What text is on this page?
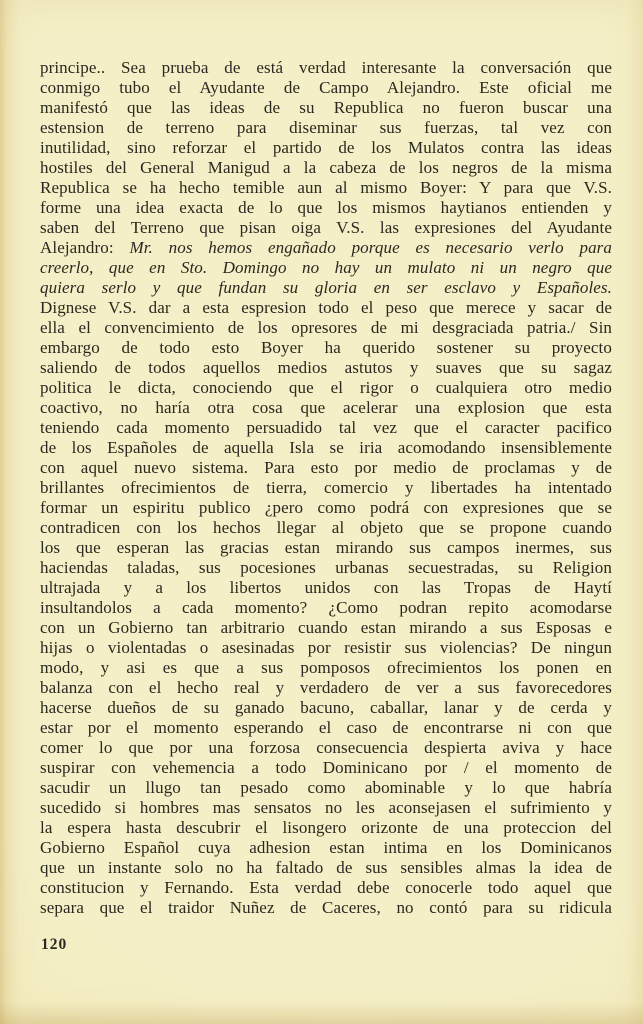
principe.. Sea prueba de está verdad interesante la conversación que
conmigo tubo el Ayudante de Campo Alejandro. Este oficial me
manifestó que las ideas de su Republica no fueron buscar una
estension de terreno para diseminar sus fuerzas, tal vez con
inutilidad, sino reforzar el partido de los Mulatos contra las ideas
hostiles del General Manigud a la cabeza de los negros de la misma
Republica se ha hecho temible aun al mismo Boyer: Y para que V.S.
forme una idea exacta de lo que los mismos haytianos entienden y
saben del Terreno que pisan oiga V.S. las expresiones del Ayudante
Alejandro: Mr. nos hemos engañado porque es necesario verlo para
creerlo, que en Sto. Domingo no hay un mulato ni un negro que
quiera serlo y que fundan su gloria en ser esclavo y Españoles.
Dignese V.S. dar a esta espresion todo el peso que merece y sacar de
ella el convencimiento de los opresores de mi desgraciada patria./ Sin
embargo de todo esto Boyer ha querido sostener su proyecto
saliendo de todos aquellos medios astutos y suaves que su sagaz
politica le dicta, conociendo que el rigor o cualquiera otro medio
coactivo, no haría otra cosa que acelerar una explosion que esta
teniendo cada momento persuadido tal vez que el caracter pacifico
de los Españoles de aquella Isla se iria acomodando insensiblemente
con aquel nuevo sistema. Para esto por medio de proclamas y de
brillantes ofrecimientos de tierra, comercio y libertades ha intentado
formar un espiritu publico ¿pero como podrá con expresiones que se
contradicen con los hechos llegar al objeto que se propone cuando
los que esperan las gracias estan mirando sus campos inermes, sus
haciendas taladas, sus pocesiones urbanas secuestradas, su Religion
ultrajada y a los libertos unidos con las Tropas de Haytí
insultandolos a cada momento? ¿Como podran repito acomodarse
con un Gobierno tan arbitrario cuando estan mirando a sus Esposas e
hijas o violentadas o asesinadas por resistir sus violencias? De ningun
modo, y asi es que a sus pomposos ofrecimientos los ponen en
balanza con el hecho real y verdadero de ver a sus favorecedores
hacerse dueños de su ganado bacuno, caballar, lanar y de cerda y
estar por el momento esperando el caso de encontrarse ni con que
comer lo que por una forzosa consecuencia despierta aviva y hace
suspirar con vehemencia a todo Dominicano por / el momento de
sacudir un llugo tan pesado como abominable y lo que habría
sucedido si hombres mas sensatos no les aconsejasen el sufrimiento y
la espera hasta descubrir el lisongero orizonte de una proteccion del
Gobierno Español cuya adhesion estan intima en los Dominicanos
que un instante solo no ha faltado de sus sensibles almas la idea de
constitucion y Fernando. Esta verdad debe conocerle todo aquel que
separa que el traidor Nuñez de Caceres, no contó para su ridicula
120
